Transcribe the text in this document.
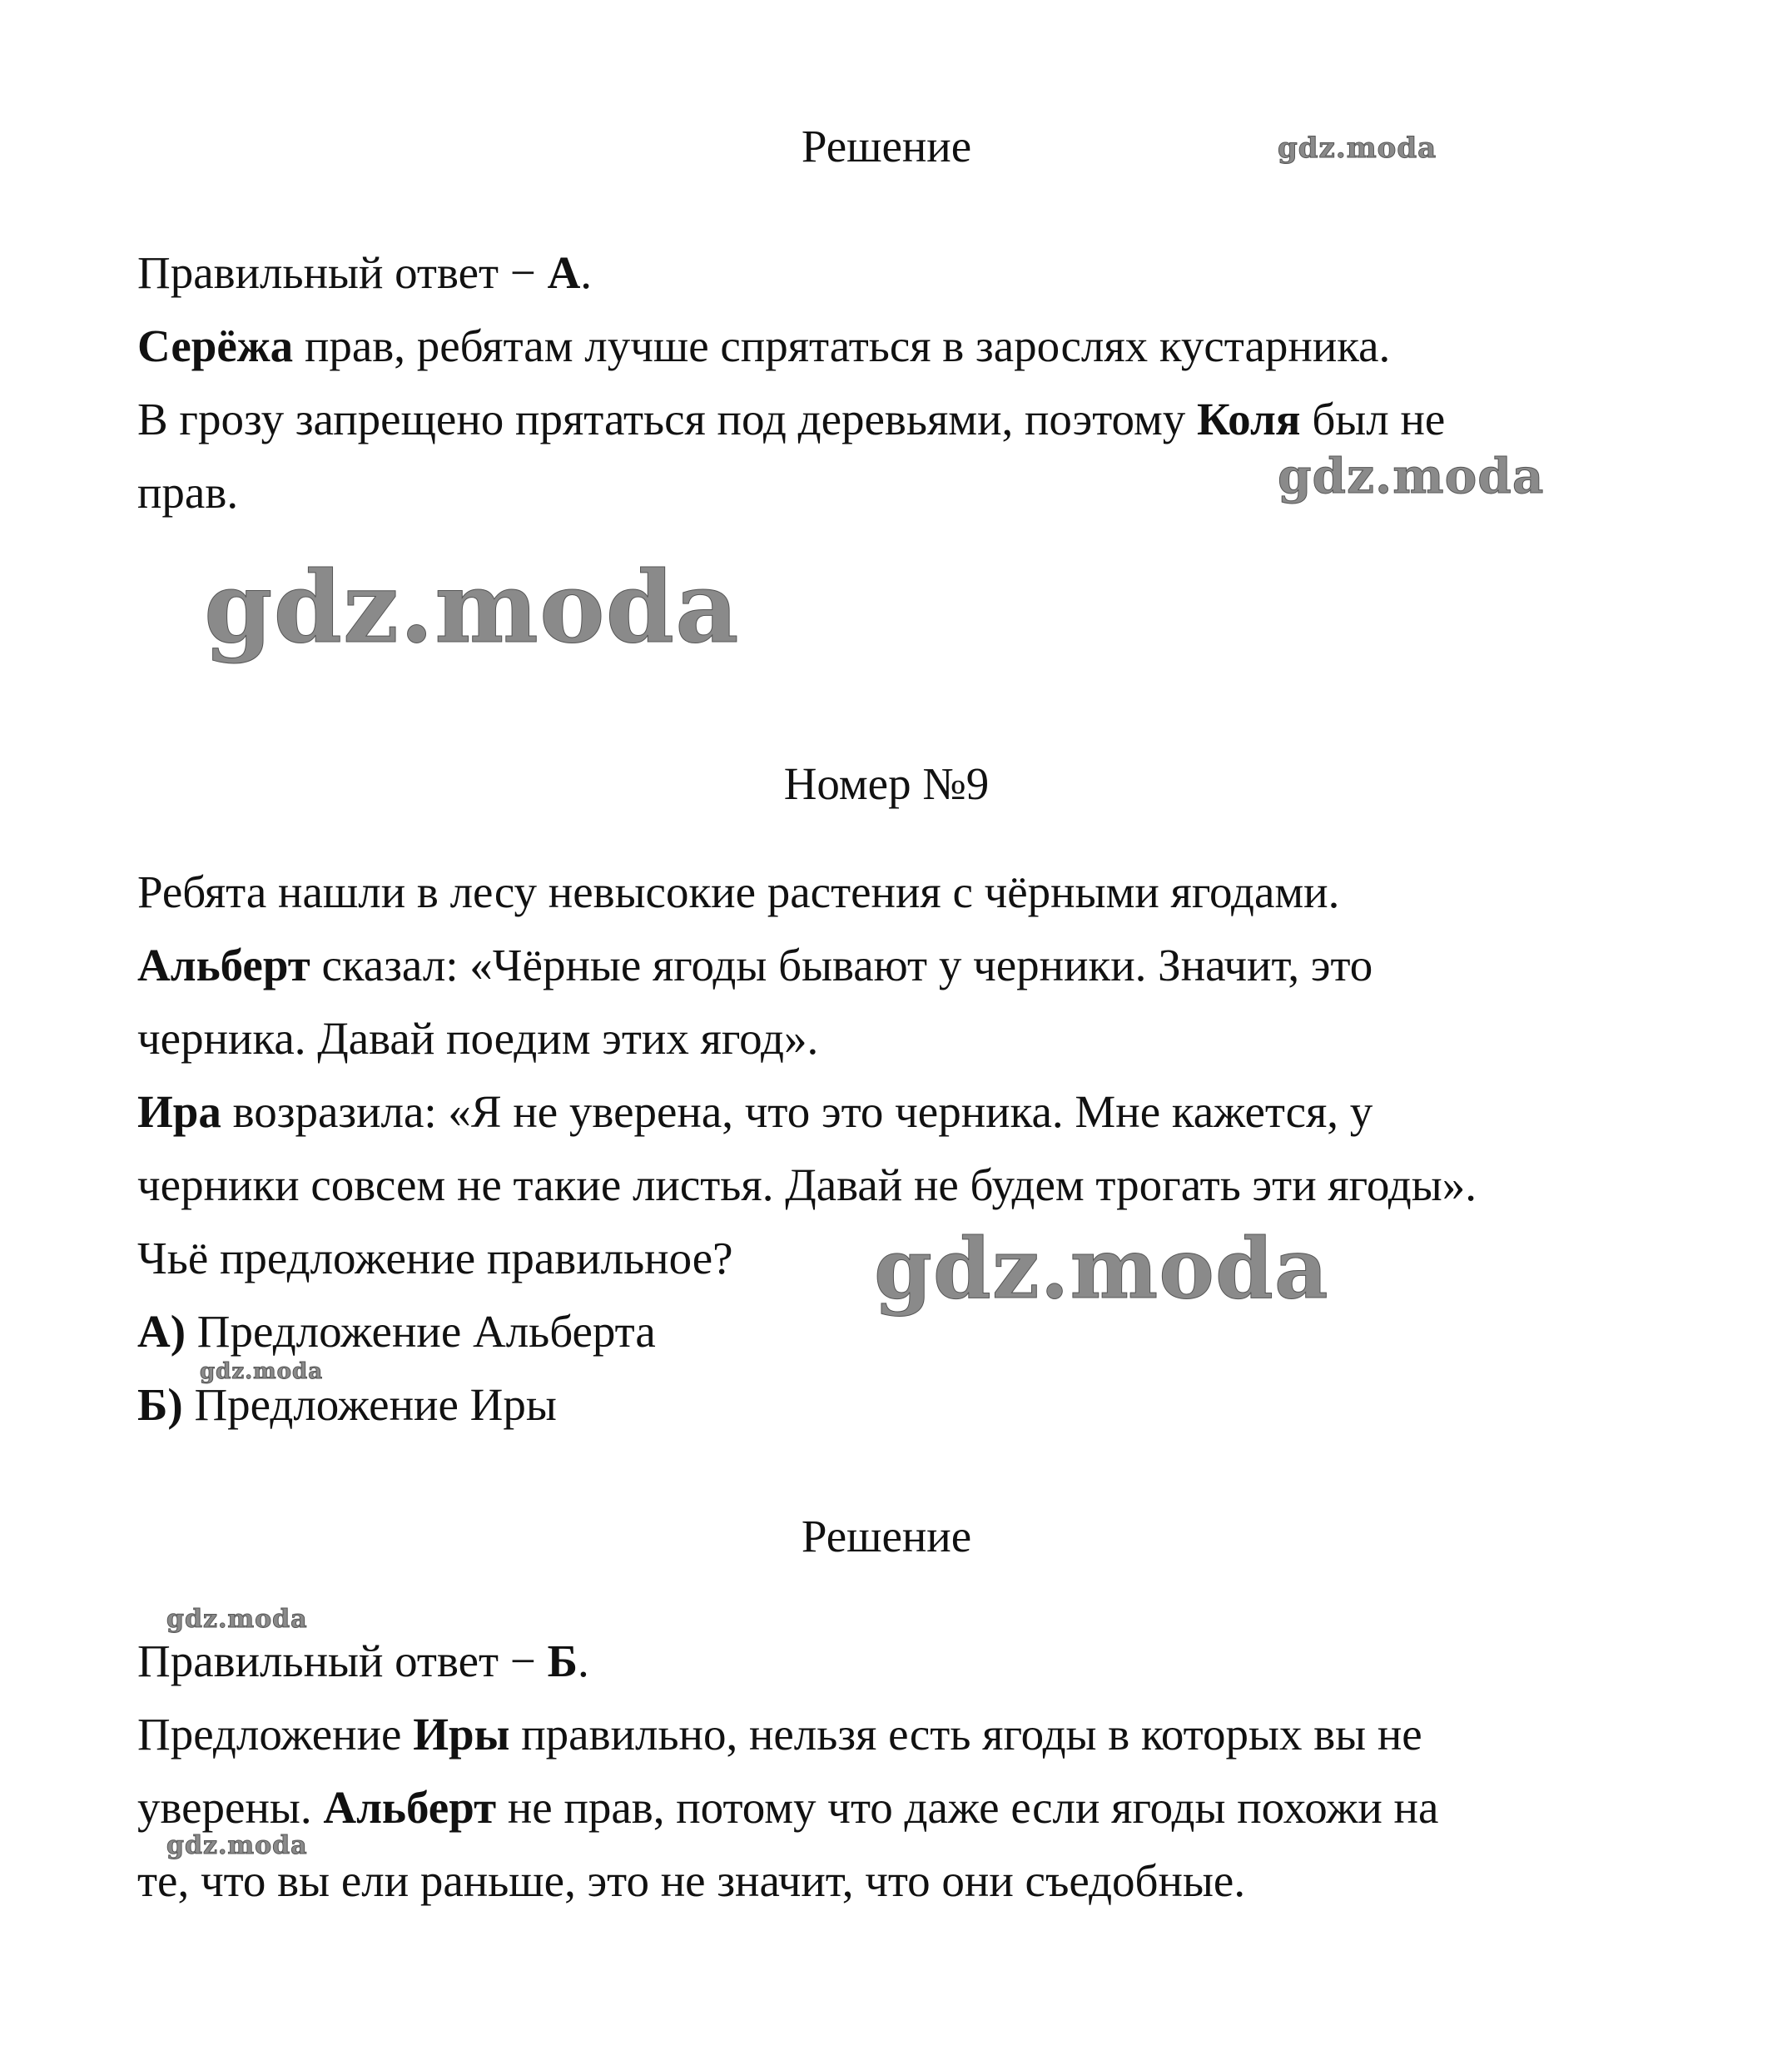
gdz.moda
gdz.moda
gdz.moda
gdz.moda
gdz.moda
gdz.moda
gdz.moda

Решение

Правильный ответ − А.

Серёжа прав, ребятам лучше спрятаться в зарослях кустарника.

В грозу запрещено прятаться под деревьями, поэтому Коля был не

прав.

Номер №9

Ребята нашли в лесу невысокие растения с чёрными ягодами.

Альберт сказал: «Чёрные ягоды бывают у черники. Значит, это

черника. Давай поедим этих ягод».

Ира возразила: «Я не уверена, что это черника. Мне кажется, у

черники совсем не такие листья. Давай не будем трогать эти ягоды».

Чьё предложение правильное?

А) Предложение Альберта

Б) Предложение Иры

Решение

Правильный ответ − Б.

Предложение Иры правильно, нельзя есть ягоды в которых вы не

уверены. Альберт не прав, потому что даже если ягоды похожи на

те, что вы ели раньше, это не значит, что они съедобные.
